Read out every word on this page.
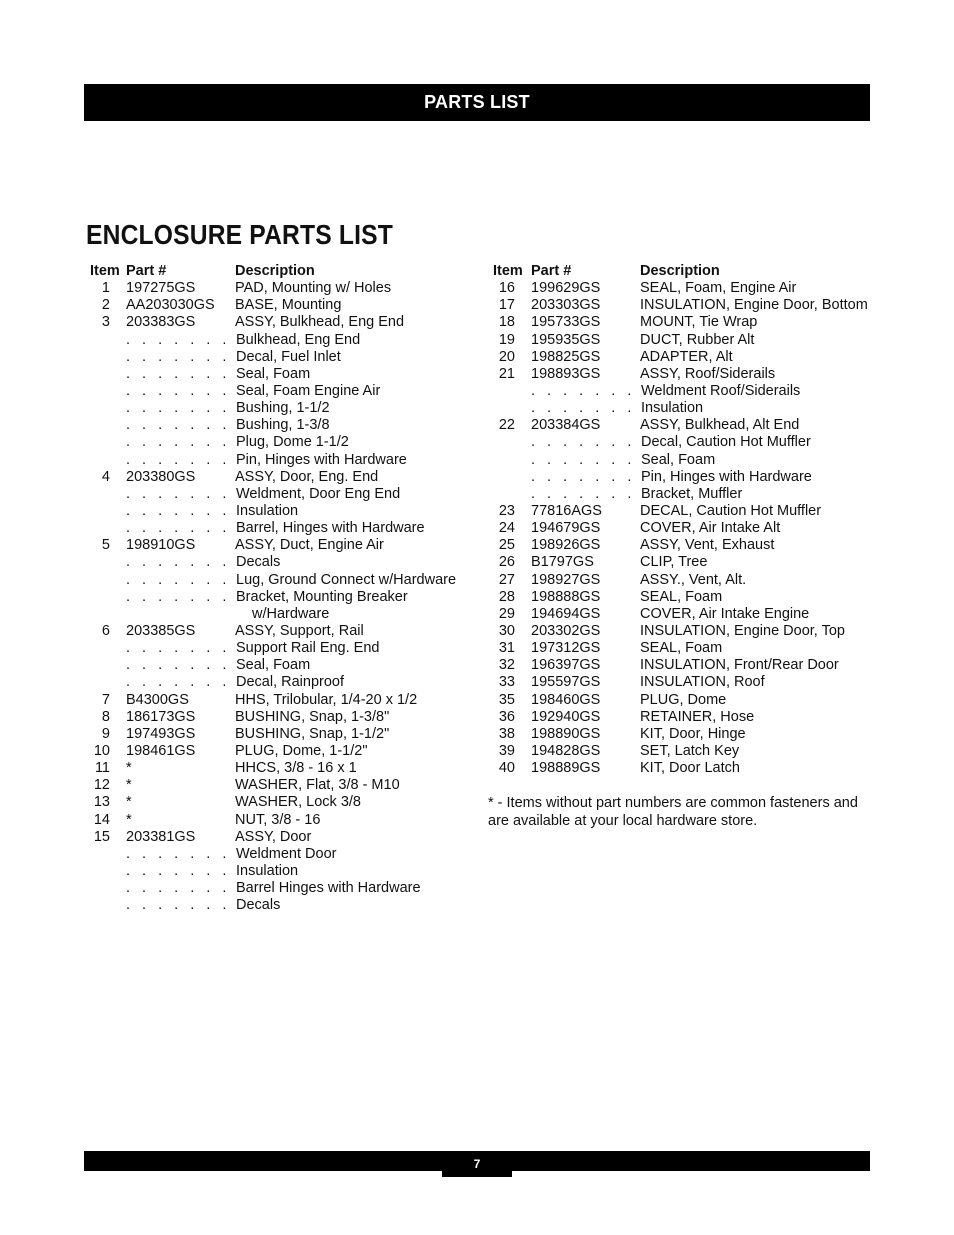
PARTS LIST
ENCLOSURE PARTS LIST
Item Part #	Description
1 197275GS	PAD, Mounting w/ Holes
2 AA203030GS BASE, Mounting
3 203383GS	ASSY, Bulkhead, Eng End
. . . . . . . Bulkhead, Eng End
. . . . . . . Decal, Fuel Inlet
. . . . . . . Seal, Foam
. . . . . . . Seal, Foam Engine Air
. . . . . . . Bushing, 1-1/2
. . . . . . . Bushing, 1-3/8
. . . . . . . Plug, Dome 1-1/2
. . . . . . . Pin, Hinges with Hardware
4 203380GS	ASSY, Door, Eng. End
. . . . . . . Weldment, Door Eng End
. . . . . . . Insulation
. . . . . . . Barrel, Hinges with Hardware
5 198910GS	ASSY, Duct, Engine Air
. . . . . . . Decals
. . . . . . . Lug, Ground Connect w/Hardware
. . . . . . . Bracket, Mounting Breaker
w/Hardware
6 203385GS	ASSY, Support, Rail
. . . . . . . Support Rail Eng. End
. . . . . . . Seal, Foam
. . . . . . . Decal, Rainproof
7 B4300GS	HHS, Trilobular, 1/4-20 x 1/2
8 186173GS	BUSHING, Snap, 1-3/8"
9 197493GS	BUSHING, Snap, 1-1/2"
10 198461GS	PLUG, Dome, 1-1/2"
11 *	HHCS, 3/8 - 16 x 1
12 *	WASHER, Flat, 3/8 - M10
13 *	WASHER, Lock 3/8
14 *	NUT, 3/8 - 16
15 203381GS	ASSY, Door
. . . . . . . Weldment Door
. . . . . . . Insulation
. . . . . . . Barrel Hinges with Hardware
. . . . . . . Decals
Item Part #	Description
16 199629GS	SEAL, Foam, Engine Air
17 203303GS	INSULATION, Engine Door, Bottom
18 195733GS	MOUNT, Tie Wrap
19 195935GS	DUCT, Rubber Alt
20 198825GS	ADAPTER, Alt
21 198893GS	ASSY, Roof/Siderails
. . . . . . . Weldment Roof/Siderails
. . . . . . . Insulation
22 203384GS	ASSY, Bulkhead, Alt End
. . . . . . . Decal, Caution Hot Muffler
. . . . . . . Seal, Foam
. . . . . . . Pin, Hinges with Hardware
. . . . . . . Bracket, Muffler
23 77816AGS	DECAL, Caution Hot Muffler
24 194679GS	COVER, Air Intake Alt
25 198926GS	ASSY, Vent, Exhaust
26 B1797GS	CLIP, Tree
27 198927GS	ASSY., Vent, Alt.
28 198888GS	SEAL, Foam
29 194694GS	COVER, Air Intake Engine
30 203302GS	INSULATION, Engine Door, Top
31 197312GS	SEAL, Foam
32 196397GS	INSULATION, Front/Rear Door
33 195597GS	INSULATION, Roof
35 198460GS	PLUG, Dome
36 192940GS	RETAINER, Hose
38 198890GS	KIT, Door, Hinge
39 194828GS	SET, Latch Key
40 198889GS	KIT, Door Latch
* - Items without part numbers are common fasteners and are available at your local hardware store.
7
